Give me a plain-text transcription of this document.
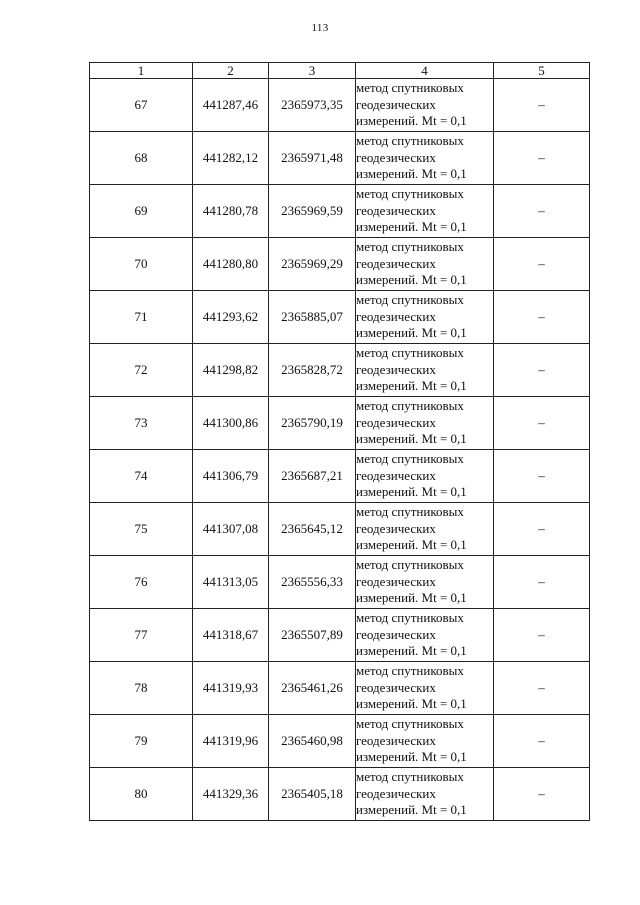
113
1	2	3	4	5
67	441287,46	2365973,35	метод спутниковых
геодезических
измерений. Mt = 0,1	–
68	441282,12	2365971,48	метод спутниковых
геодезических
измерений. Mt = 0,1	–
69	441280,78	2365969,59	метод спутниковых
геодезических
измерений. Mt = 0,1	–
70	441280,80	2365969,29	метод спутниковых
геодезических
измерений. Mt = 0,1	–
71	441293,62	2365885,07	метод спутниковых
геодезических
измерений. Mt = 0,1	–
72	441298,82	2365828,72	метод спутниковых
геодезических
измерений. Mt = 0,1	–
73	441300,86	2365790,19	метод спутниковых
геодезических
измерений. Mt = 0,1	–
74	441306,79	2365687,21	метод спутниковых
геодезических
измерений. Mt = 0,1	–
75	441307,08	2365645,12	метод спутниковых
геодезических
измерений. Mt = 0,1	–
76	441313,05	2365556,33	метод спутниковых
геодезических
измерений. Mt = 0,1	–
77	441318,67	2365507,89	метод спутниковых
геодезических
измерений. Mt = 0,1	–
78	441319,93	2365461,26	метод спутниковых
геодезических
измерений. Mt = 0,1	–
79	441319,96	2365460,98	метод спутниковых
геодезических
измерений. Mt = 0,1	–
80	441329,36	2365405,18	метод спутниковых
геодезических
измерений. Mt = 0,1	–
